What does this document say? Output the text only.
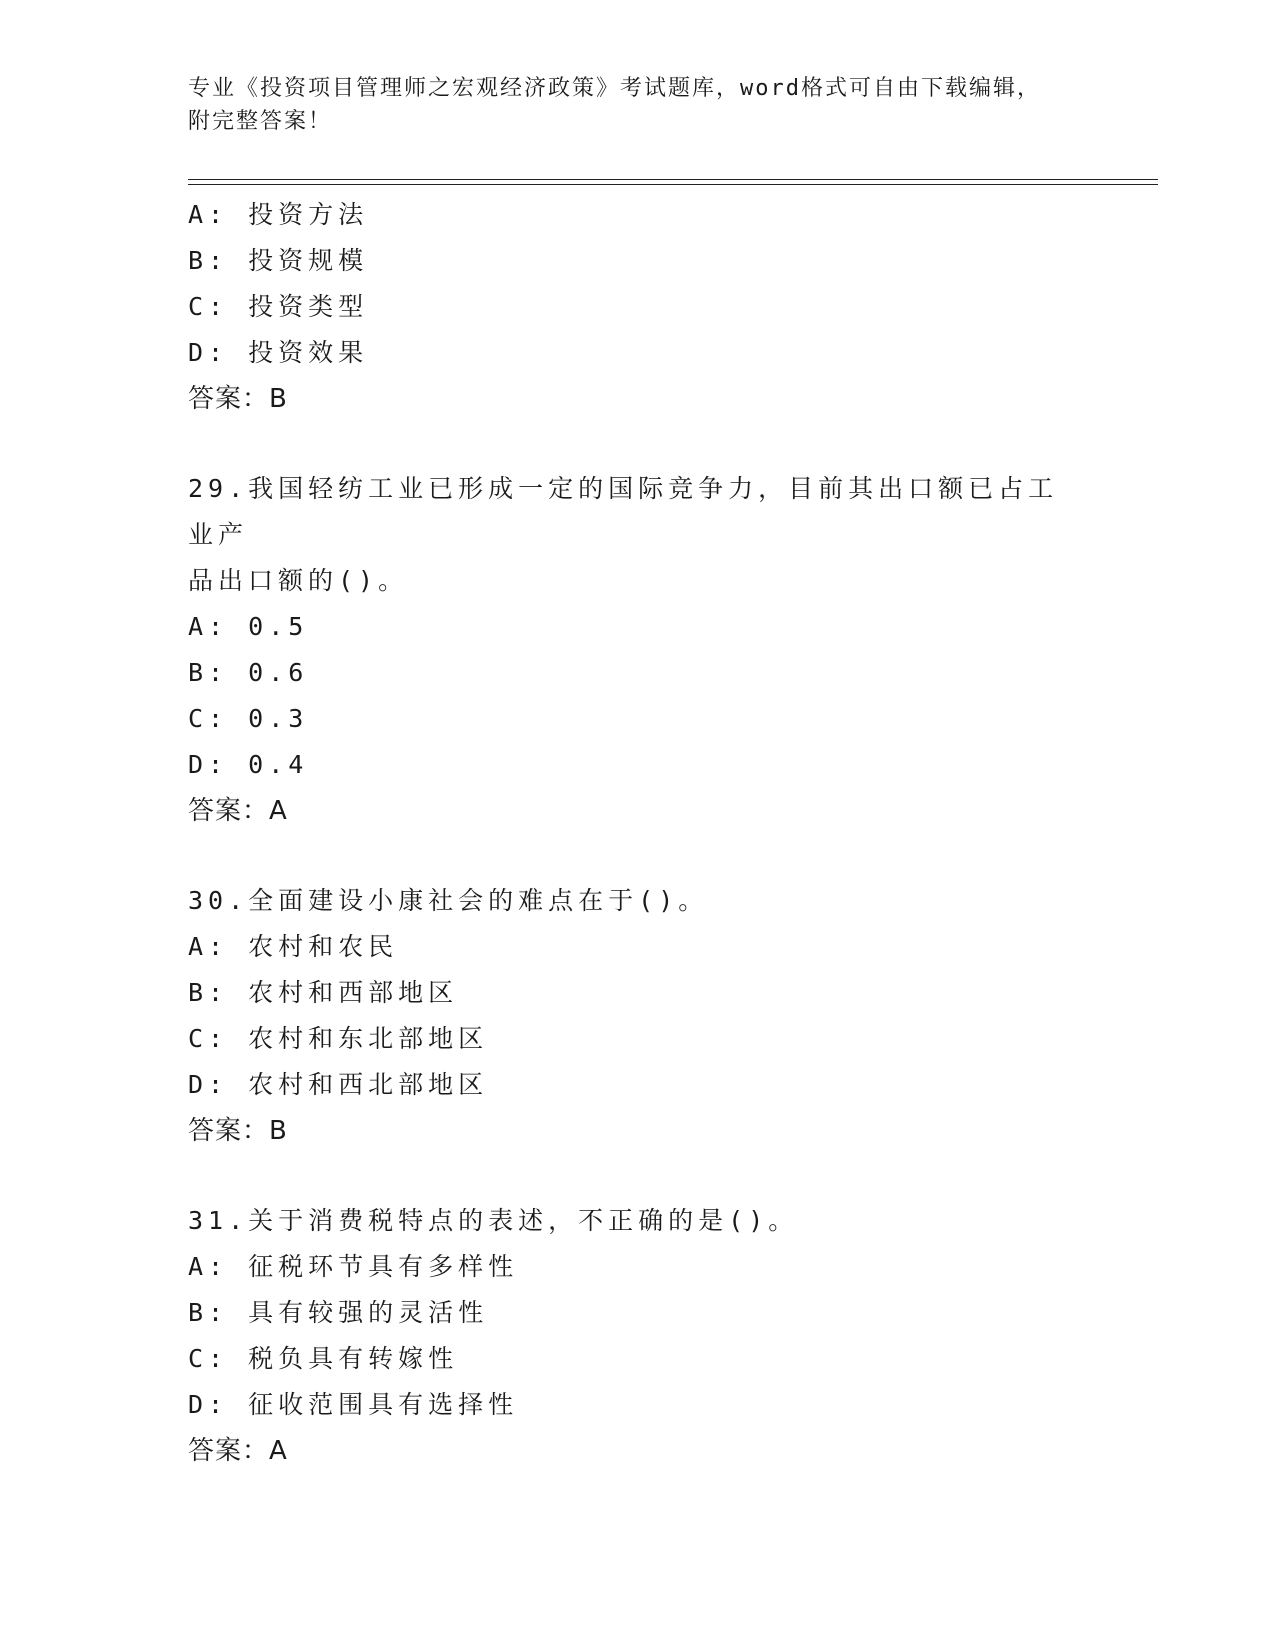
专业《投资项目管理师之宏观经济政策》考试题库，word格式可自由下载编辑，
附完整答案！
A: 投资方法
B: 投资规模
C: 投资类型
D: 投资效果
答案：B
29.我国轻纺工业已形成一定的国际竞争力，目前其出口额已占工业产
品出口额的()。
A: 0.5
B: 0.6
C: 0.3
D: 0.4
答案：A
30.全面建设小康社会的难点在于()。
A: 农村和农民
B: 农村和西部地区
C: 农村和东北部地区
D: 农村和西北部地区
答案：B
31.关于消费税特点的表述，不正确的是()。
A: 征税环节具有多样性
B: 具有较强的灵活性
C: 税负具有转嫁性
D: 征收范围具有选择性
答案：A
